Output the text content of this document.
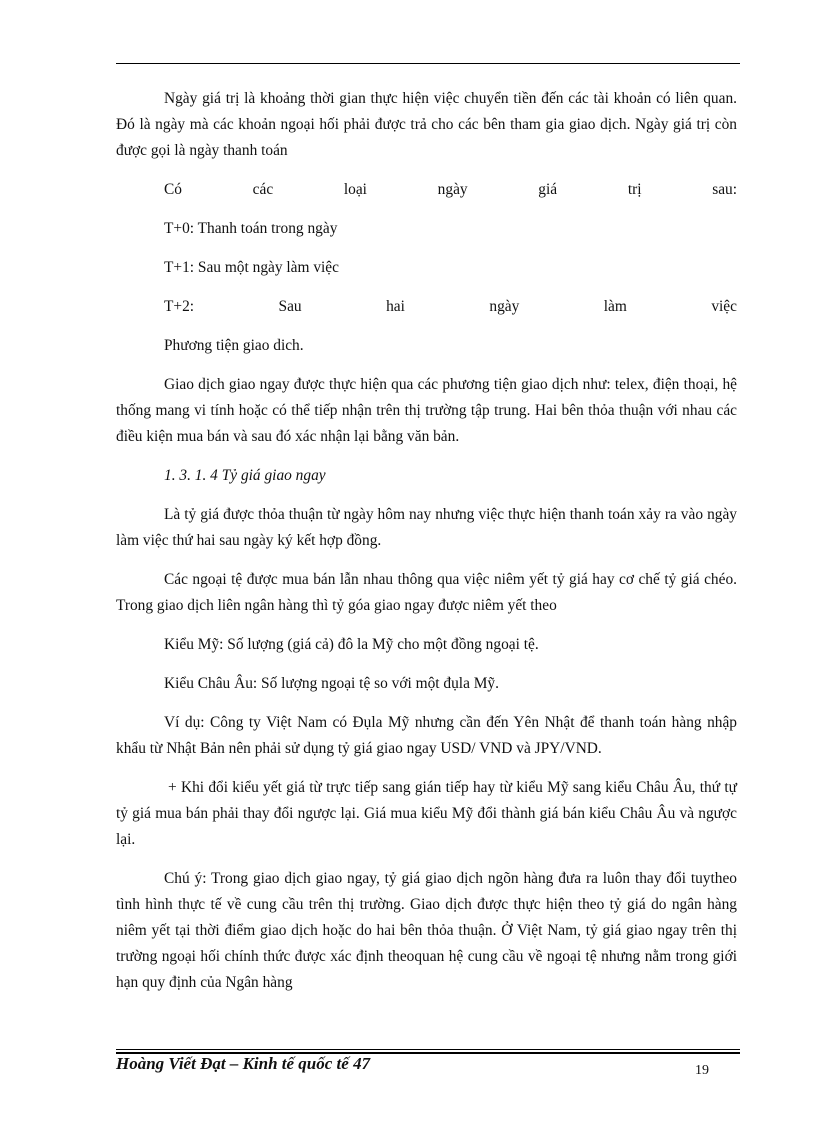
Ngày giá trị là khoảng thời gian thực hiện việc chuyển tiền đến các tài khoản có liên quan. Đó là ngày mà các khoản ngoại hối phải được trả cho các bên tham gia giao dịch. Ngày giá trị còn được gọi là ngày thanh toán

Có	các	loại	ngày	giá	trị	sau:

T+0: Thanh toán trong ngày

T+1: Sau một ngày làm việc

T+2:	Sau	hai	ngày	làm	việc

Phương tiện giao dich.

Giao dịch giao ngay được thực hiện qua các phương tiện giao dịch như: telex, điện thoại, hệ thống mang vi tính hoặc có thể tiếp nhận trên thị trường tập trung. Hai bên thỏa thuận với nhau các điều kiện mua bán và sau đó xác nhận lại bằng văn bản.

1. 3. 1. 4 Tỷ giá giao ngay

Là tỷ giá được thỏa thuận từ ngày hôm nay nhưng việc thực hiện thanh toán xảy ra vào ngày làm việc thứ hai sau ngày ký kết hợp đồng.

Các ngoại tệ được mua bán lẫn nhau thông qua việc niêm yết tỷ giá hay cơ chế tỷ giá chéo. Trong giao dịch liên ngân hàng thì tỷ góa giao ngay được niêm yết theo

Kiểu Mỹ: Số lượng (giá cả) đô la Mỹ cho một đồng ngoại tệ.

Kiểu Châu Âu: Số lượng ngoại tệ so với một đụla Mỹ.

Ví dụ: Công ty Việt Nam có Đụla Mỹ nhưng cần đến Yên Nhật để thanh toán hàng nhập khẩu từ Nhật Bản nên phải sử dụng tỷ giá giao ngay USD/ VND và JPY/VND.

+ Khi đổi kiểu yết giá từ trực tiếp sang gián tiếp hay từ kiểu Mỹ sang kiểu Châu Âu, thứ tự tỷ giá mua bán phải thay đổi ngược lại. Giá mua kiểu Mỹ đổi thành giá bán kiểu Châu Âu và ngược lại.

Chú ý: Trong giao dịch giao ngay, tỷ giá giao dịch ngõn hàng đưa ra luôn thay đổi tuytheo tình hình thực tế về cung cầu trên thị trường. Giao dịch được thực hiện theo tỷ giá do ngân hàng niêm yết tại thời điểm giao dịch hoặc do hai bên thỏa thuận. Ở Việt Nam, tỷ giá giao ngay trên thị trường ngoại hối chính thức được xác định theoquan hệ cung cầu về ngoại tệ nhưng nằm trong giới hạn quy định của Ngân hàng

Hoàng Viết Đạt – Kinh tế quốc tế 47	19
